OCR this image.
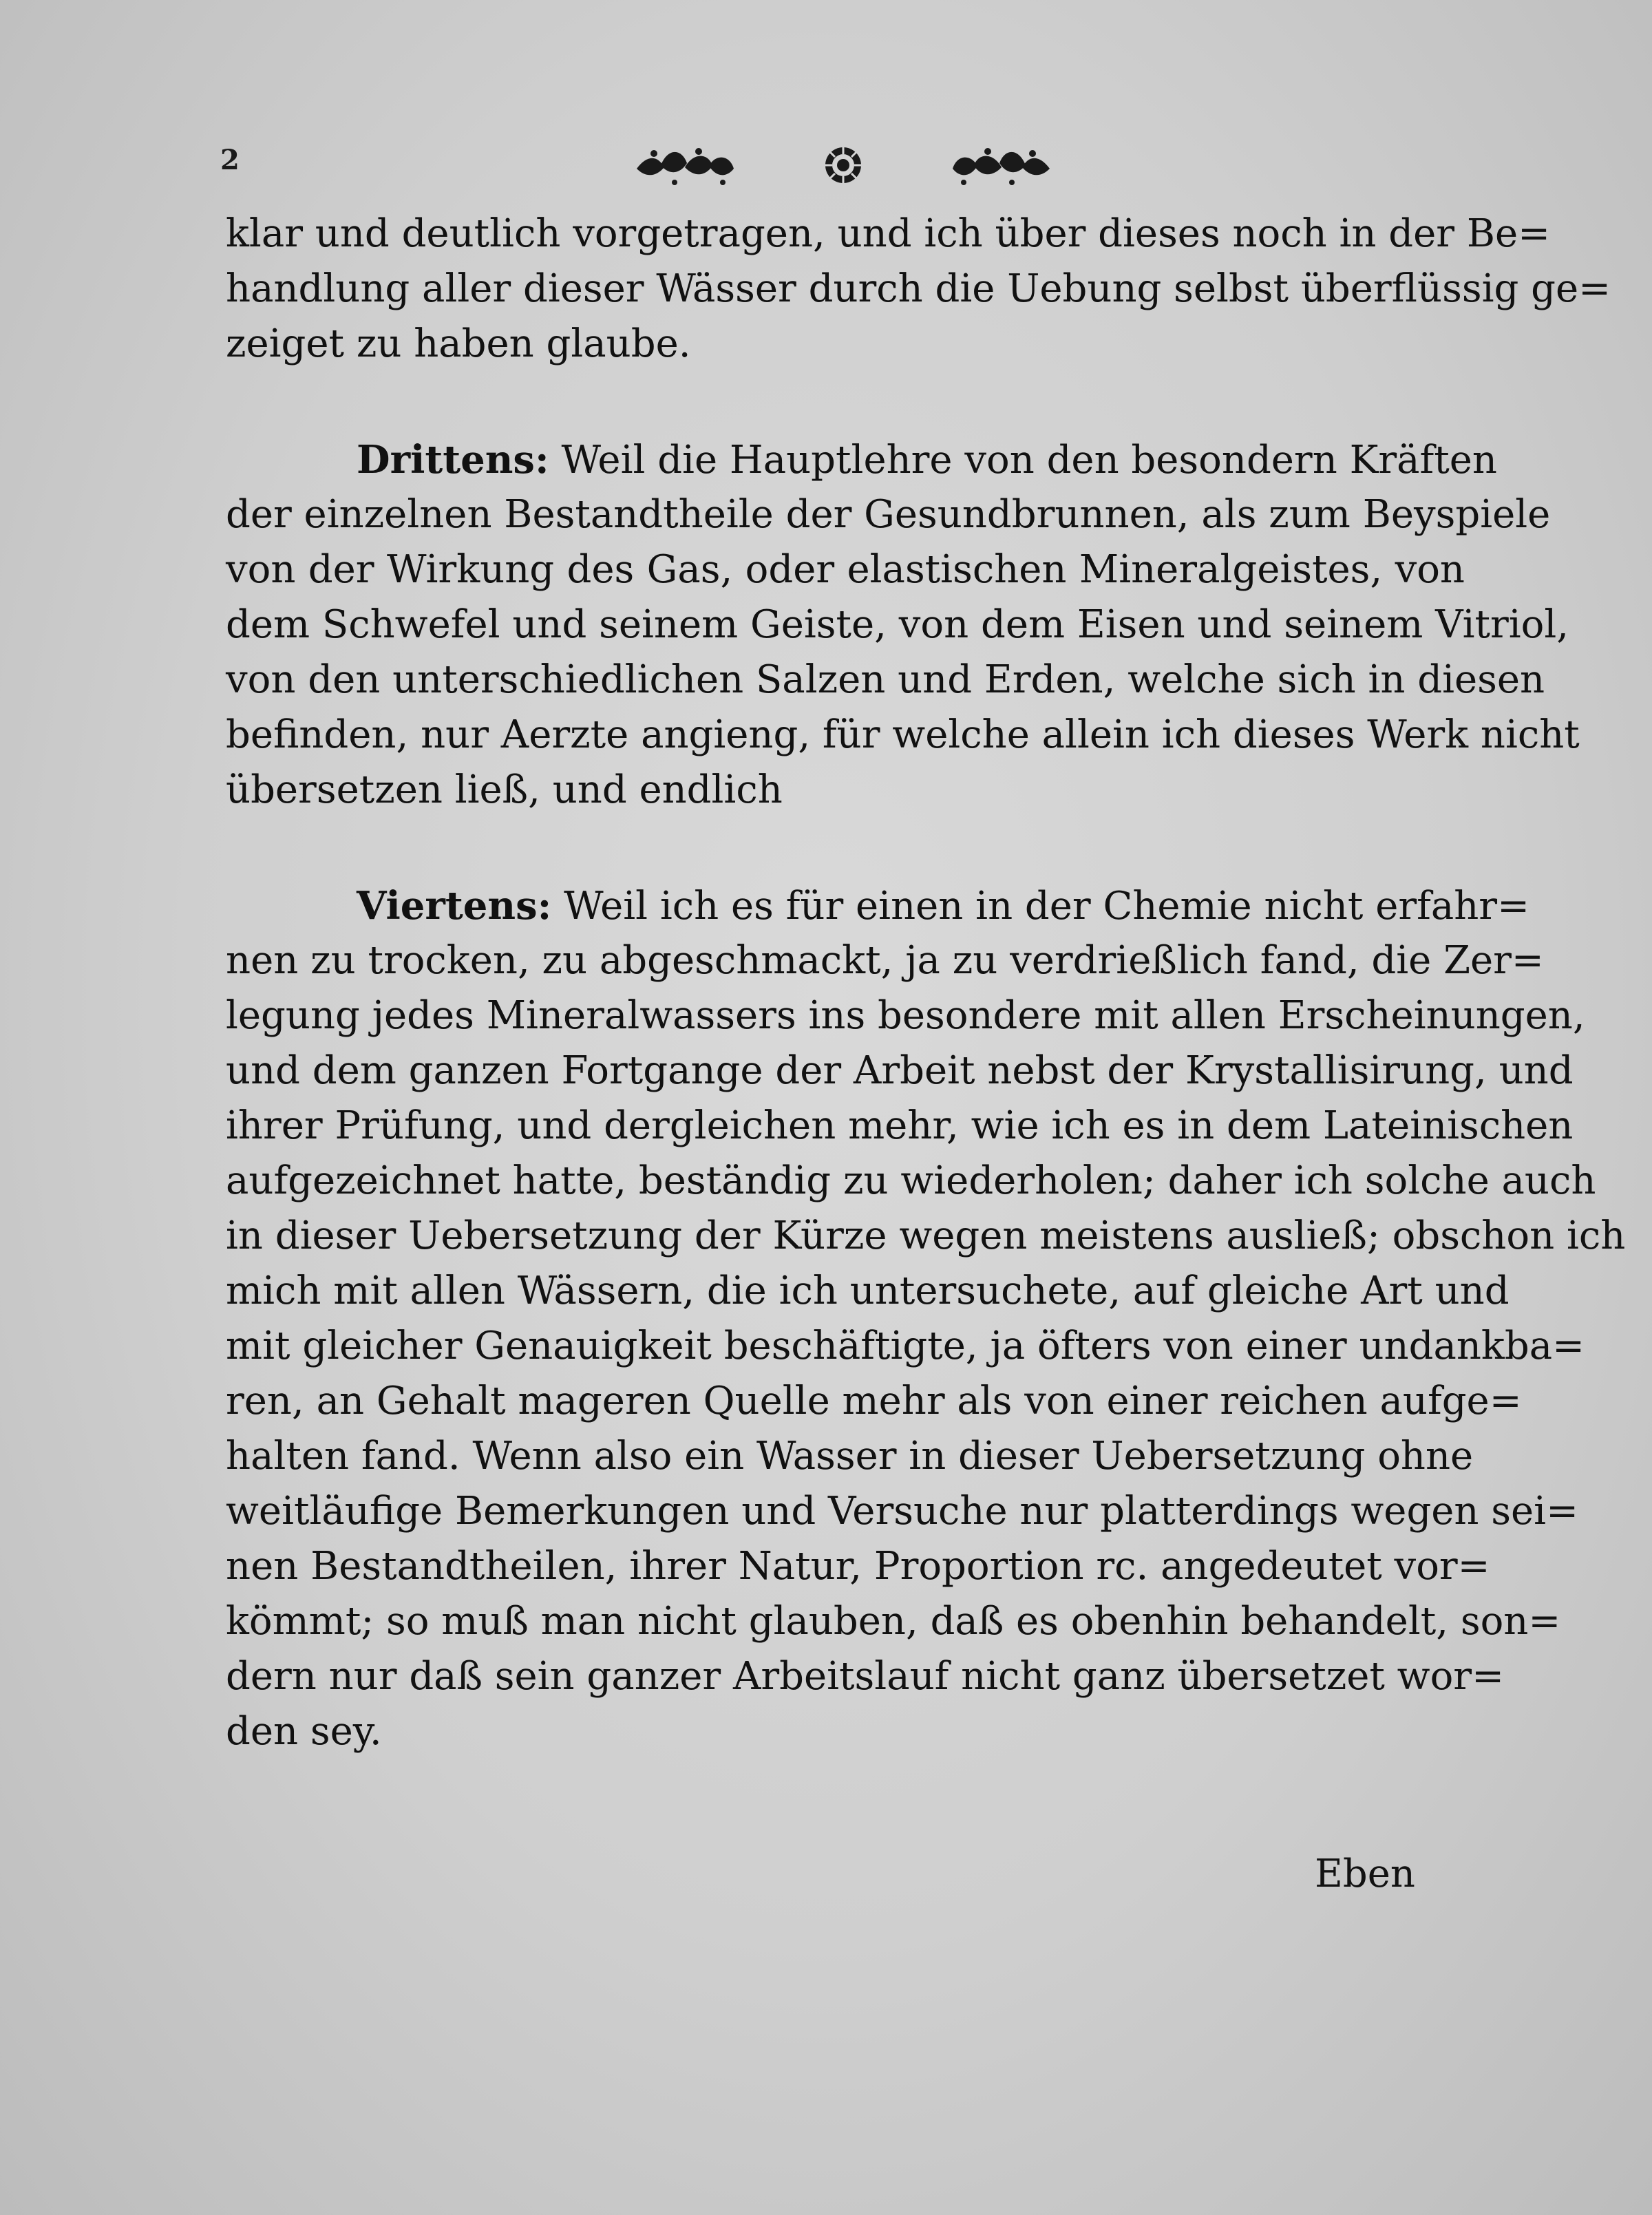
2
klar und deutlich vorgetragen, und ich über dieses noch in der Be=
handlung aller dieser Wässer durch die Uebung selbst überflüssig ge=
zeiget zu haben glaube.
Drittens: Weil die Hauptlehre von den besondern Kräften
der einzelnen Bestandtheile der Gesundbrunnen, als zum Beyspiele
von der Wirkung des Gas, oder elastischen Mineralgeistes, von
dem Schwefel und seinem Geiste, von dem Eisen und seinem Vitriol,
von den unterschiedlichen Salzen und Erden, welche sich in diesen
befinden, nur Aerzte angieng, für welche allein ich dieses Werk nicht
übersetzen ließ, und endlich
Viertens: Weil ich es für einen in der Chemie nicht erfahr=
nen zu trocken, zu abgeschmackt, ja zu verdrießlich fand, die Zer=
legung jedes Mineralwassers ins besondere mit allen Erscheinungen,
und dem ganzen Fortgange der Arbeit nebst der Krystallisirung, und
ihrer Prüfung, und dergleichen mehr, wie ich es in dem Lateinischen
aufgezeichnet hatte, beständig zu wiederholen; daher ich solche auch
in dieser Uebersetzung der Kürze wegen meistens ausließ; obschon ich
mich mit allen Wässern, die ich untersuchete, auf gleiche Art und
mit gleicher Genauigkeit beschäftigte, ja öfters von einer undankba=
ren, an Gehalt mageren Quelle mehr als von einer reichen aufge=
halten fand. Wenn also ein Wasser in dieser Uebersetzung ohne
weitläufige Bemerkungen und Versuche nur platterdings wegen sei=
nen Bestandtheilen, ihrer Natur, Proportion rc. angedeutet vor=
kömmt; so muß man nicht glauben, daß es obenhin behandelt, son=
dern nur daß sein ganzer Arbeitslauf nicht ganz übersetzet wor=
den sey.
Eben
